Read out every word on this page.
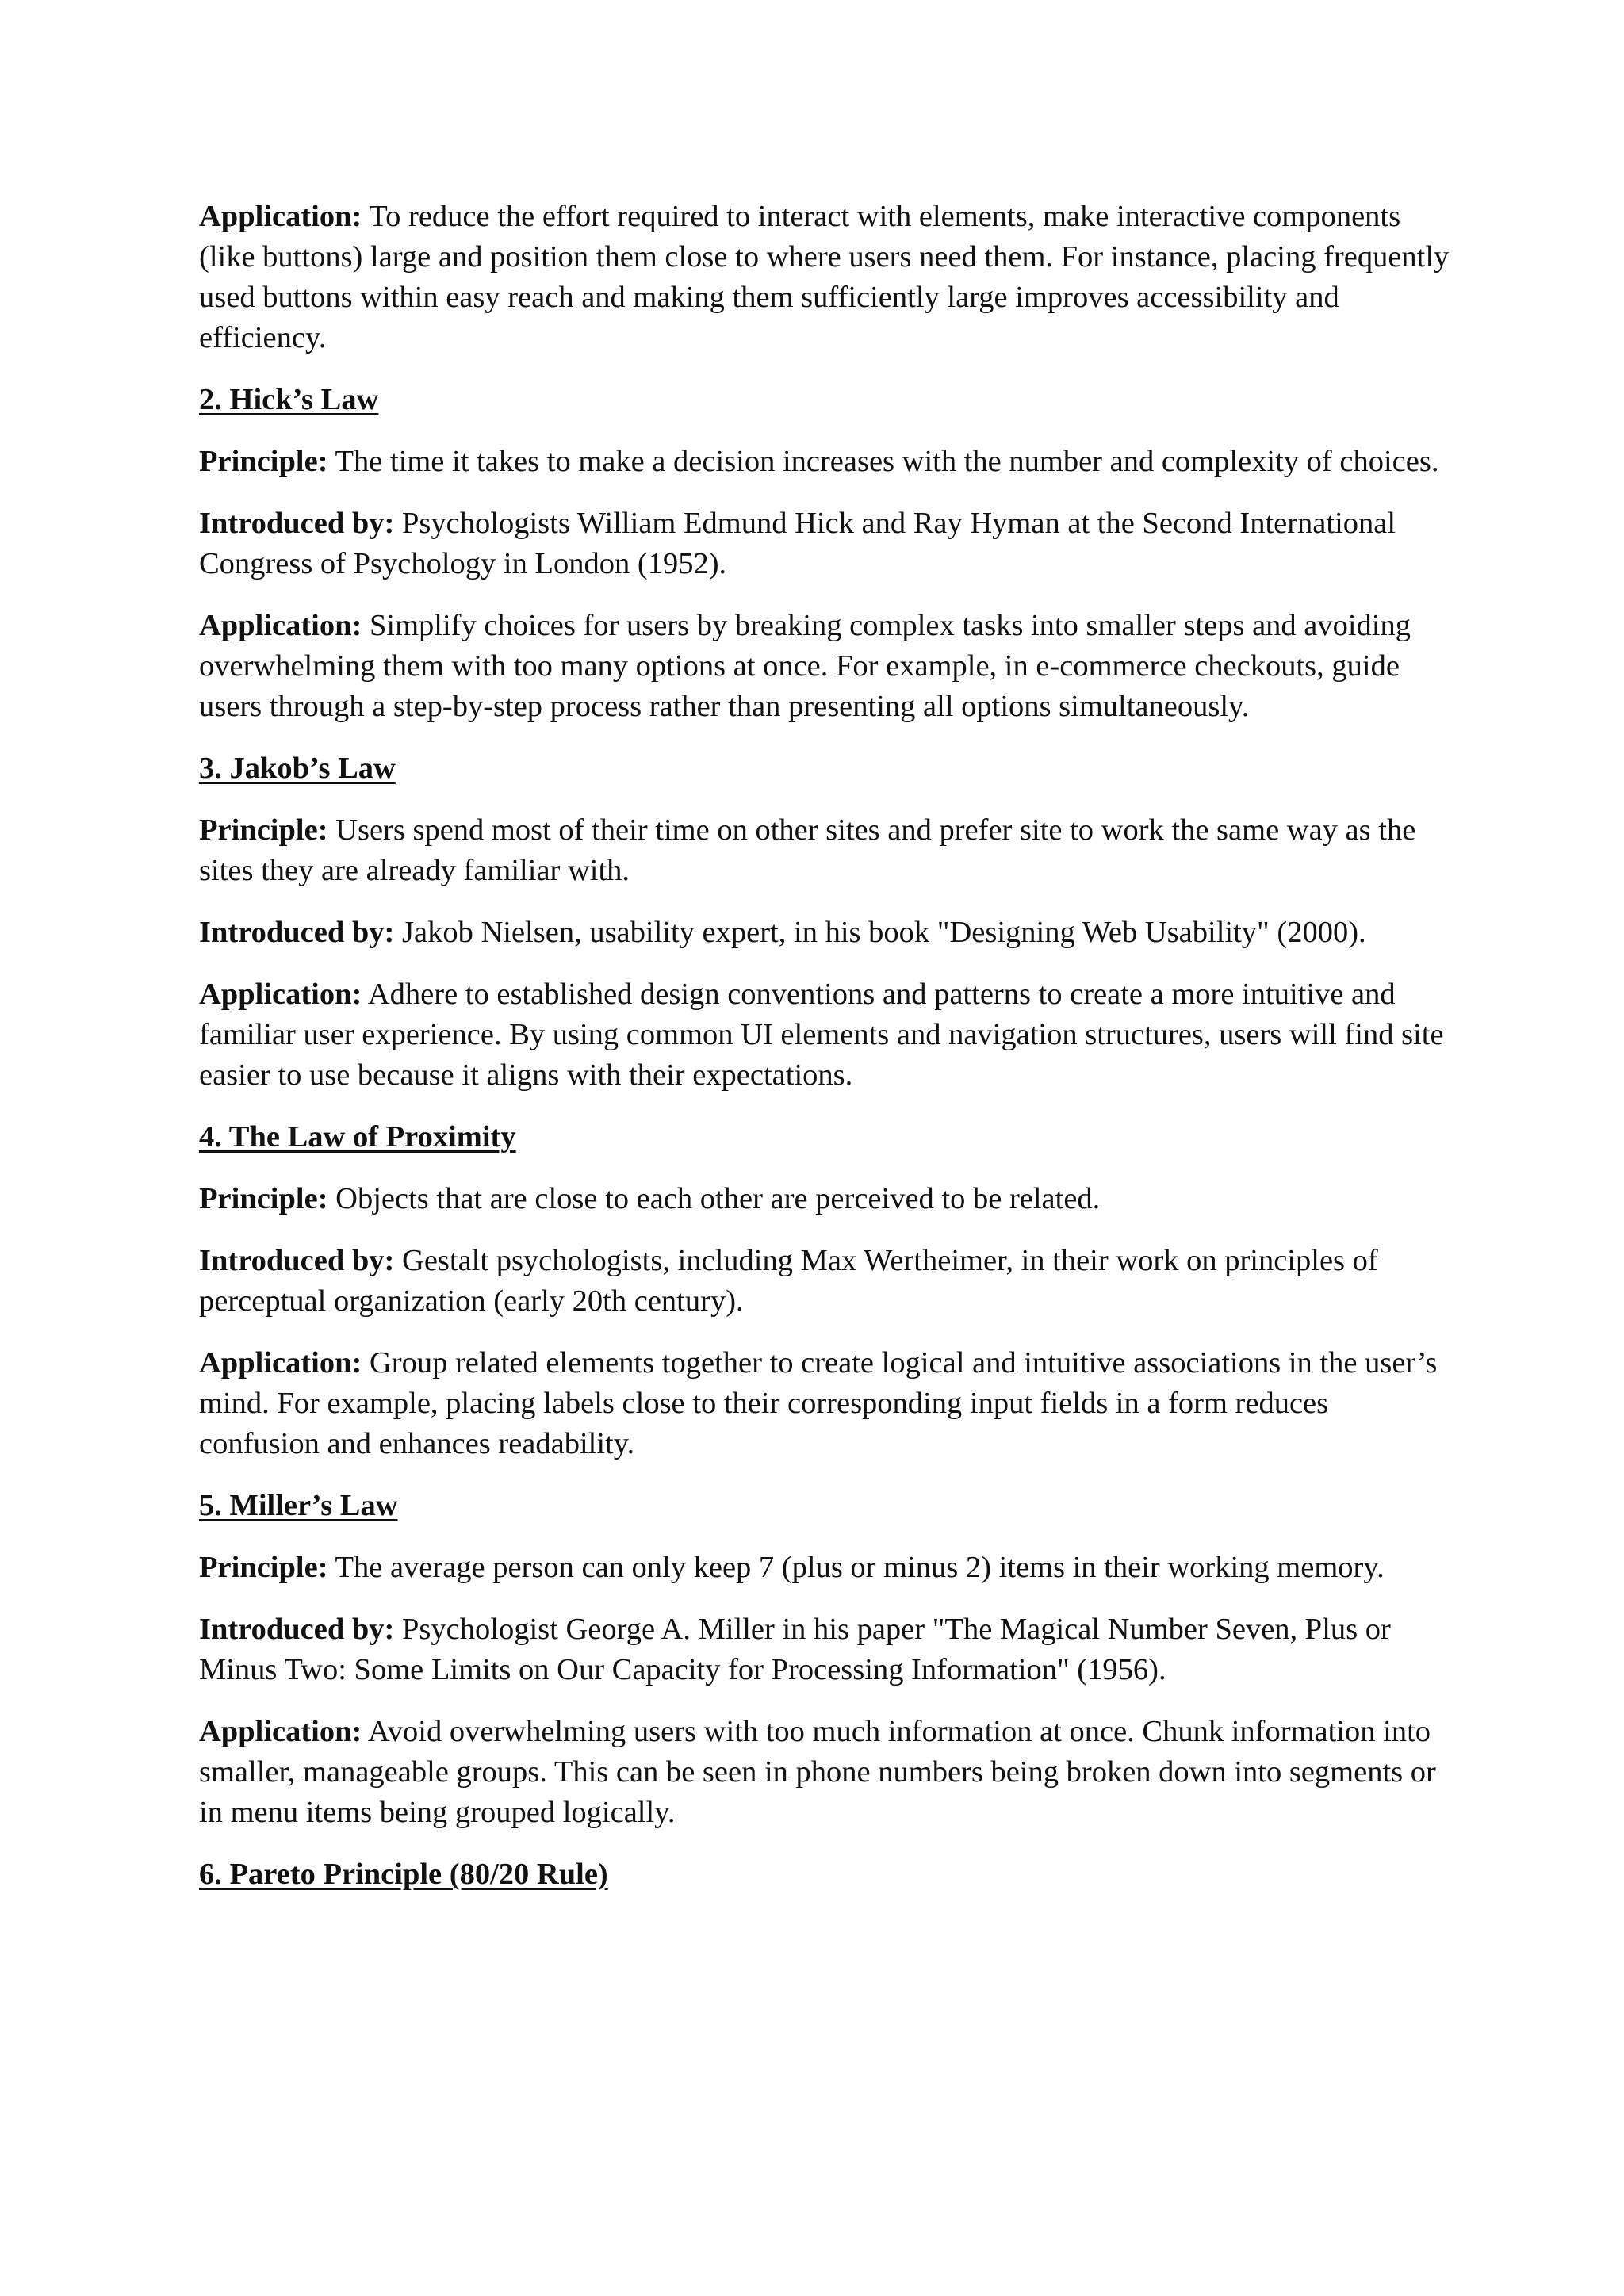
Application: To reduce the effort required to interact with elements, make interactive components (like buttons) large and position them close to where users need them. For instance, placing frequently used buttons within easy reach and making them sufficiently large improves accessibility and efficiency.

2. Hick’s Law

Principle: The time it takes to make a decision increases with the number and complexity of choices.

Introduced by: Psychologists William Edmund Hick and Ray Hyman at the Second International Congress of Psychology in London (1952).

Application: Simplify choices for users by breaking complex tasks into smaller steps and avoiding overwhelming them with too many options at once. For example, in e-commerce checkouts, guide users through a step-by-step process rather than presenting all options simultaneously.

3. Jakob’s Law

Principle: Users spend most of their time on other sites and prefer site to work the same way as the sites they are already familiar with.

Introduced by: Jakob Nielsen, usability expert, in his book "Designing Web Usability" (2000).

Application: Adhere to established design conventions and patterns to create a more intuitive and familiar user experience. By using common UI elements and navigation structures, users will find site easier to use because it aligns with their expectations.

4. The Law of Proximity

Principle: Objects that are close to each other are perceived to be related.

Introduced by: Gestalt psychologists, including Max Wertheimer, in their work on principles of perceptual organization (early 20th century).

Application: Group related elements together to create logical and intuitive associations in the user’s mind. For example, placing labels close to their corresponding input fields in a form reduces confusion and enhances readability.

5. Miller’s Law

Principle: The average person can only keep 7 (plus or minus 2) items in their working memory.

Introduced by: Psychologist George A. Miller in his paper "The Magical Number Seven, Plus or Minus Two: Some Limits on Our Capacity for Processing Information" (1956).

Application: Avoid overwhelming users with too much information at once. Chunk information into smaller, manageable groups. This can be seen in phone numbers being broken down into segments or in menu items being grouped logically.

6. Pareto Principle (80/20 Rule)
